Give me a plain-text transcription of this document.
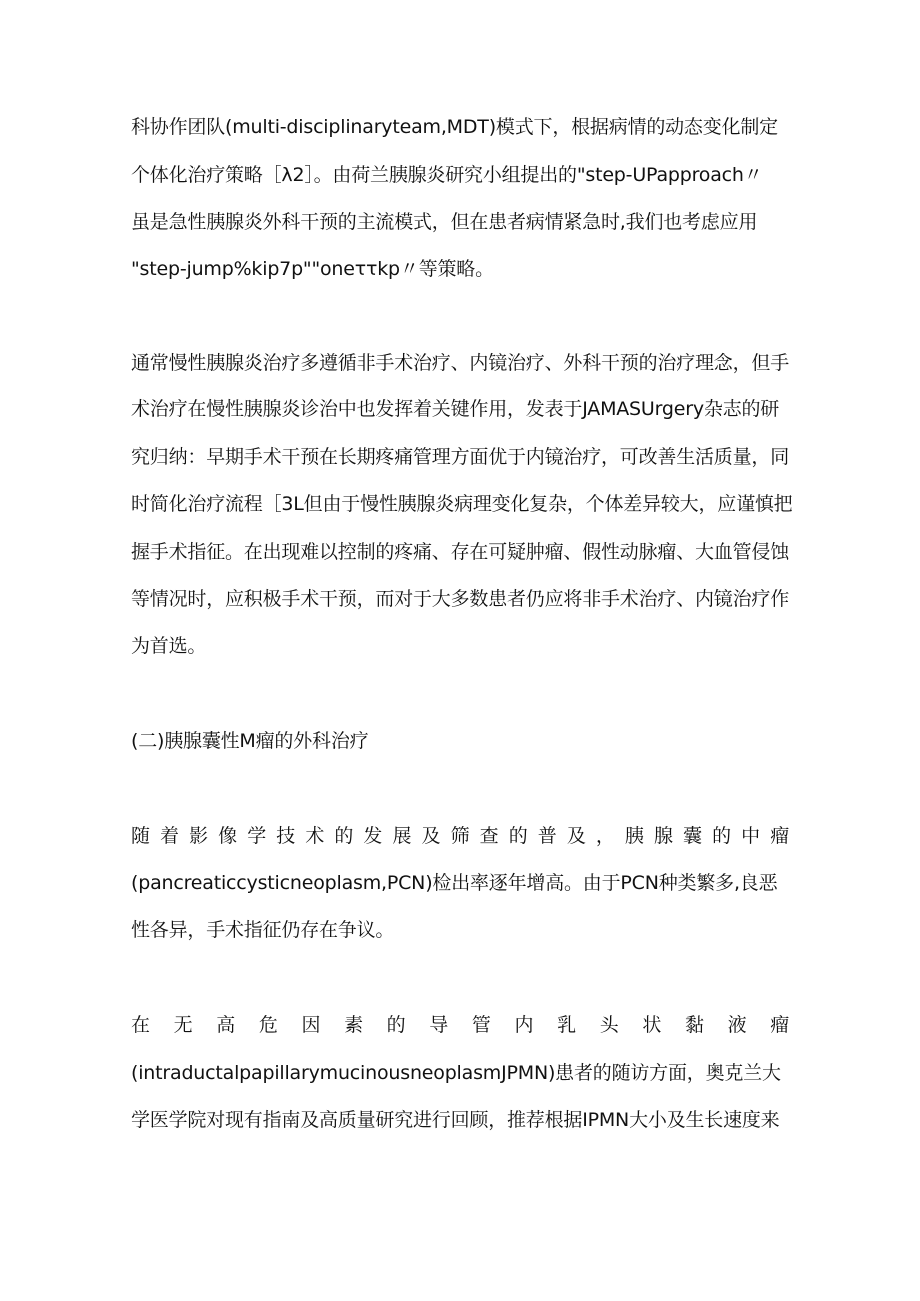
科协作团队(multi-disciplinaryteam,MDT)模式下，根据病情的动态变化制定

个体化治疗策略［λ2］。由荷兰胰腺炎研究小组提出的"step-UPapproach〃

虽是急性胰腺炎外科干预的主流模式，但在患者病情紧急时,我们也考虑应用

"step-jump%kip7p""oneττkp〃等策略。

通常慢性胰腺炎治疗多遵循非手术治疗、内镜治疗、外科干预的治疗理念，但手

术治疗在慢性胰腺炎诊治中也发挥着关键作用，发表于JAMASUrgery杂志的研

究归纳：早期手术干预在长期疼痛管理方面优于内镜治疗，可改善生活质量，同

时简化治疗流程［3L但由于慢性胰腺炎病理变化复杂，个体差异较大，应谨慎把

握手术指征。在出现难以控制的疼痛、存在可疑肿瘤、假性动脉瘤、大血管侵蚀

等情况时，应积极手术干预，而对于大多数患者仍应将非手术治疗、内镜治疗作

为首选。

(二)胰腺囊性M瘤的外科治疗

随着影像学技术的发展及筛查的普及，胰腺囊的中瘤

(pancreaticcysticneoplasm,PCN)检出率逐年增高。由于PCN种类繁多,良恶

性各异，手术指征仍存在争议。

在无高危因素的导管内乳头状黏液瘤

(intraductalpapillarymucinousneoplasmJPMN)患者的随访方面，奥克兰大

学医学院对现有指南及高质量研究进行回顾，推荐根据IPMN大小及生长速度来
